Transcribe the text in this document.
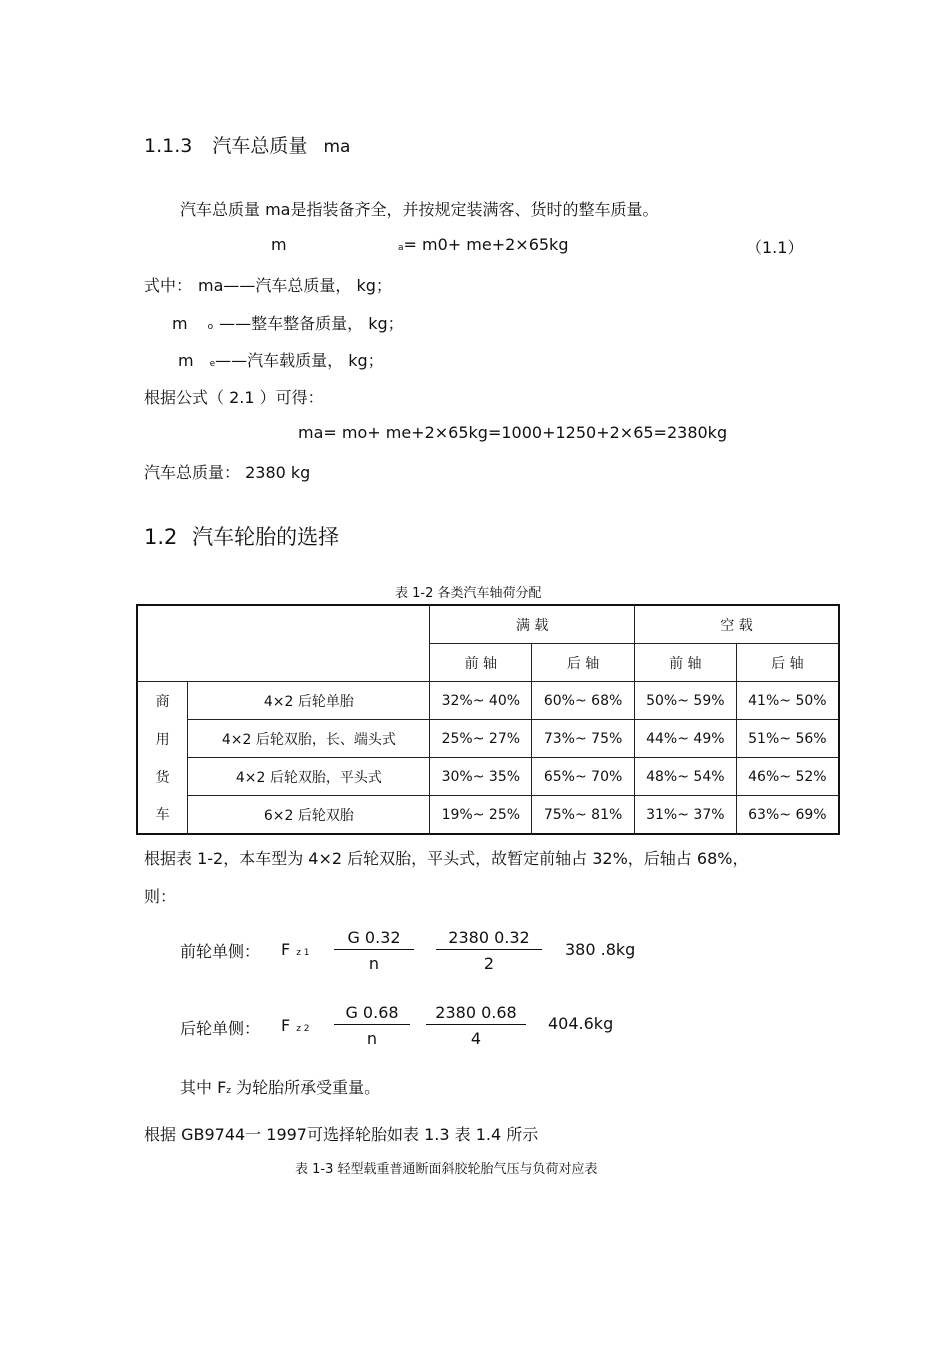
1.1.3 汽车总质量 ma
汽车总质量 ma是指装备齐全，并按规定装满客、货时的整车质量。
m	a= m0+ me+2×65kg	（1.1）
式中： ma——汽车总质量， kg；
m o ——整车整备质量， kg；
m e——汽车载质量， kg；
根据公式（ 2.1 ）可得：
ma= mo+ me+2×65kg=1000+1250+2×65=2380kg
汽车总质量： 2380 kg
1.2 汽车轮胎的选择
表 1-2 各类汽车轴荷分配
		满 载		空 载	
		前 轴	后 轴	前 轴	后 轴
商	4×2 后轮单胎	32%~ 40%	60%~ 68%	50%~ 59%	41%~ 50%
用	4×2 后轮双胎，长、端头式	25%~ 27%	73%~ 75%	44%~ 49%	51%~ 56%
货	4×2 后轮双胎，平头式	30%~ 35%	65%~ 70%	48%~ 54%	46%~ 52%
车	6×2 后轮双胎	19%~ 25%	75%~ 81%	31%~ 37%	63%~ 69%
根据表 1-2，本车型为 4×2 后轮双胎，平头式，故暂定前轴占 32%，后轴占 68%，
则：
前轮单侧： Fz 1
G 0.32
n
2380 0.32
2
380 .8kg
后轮单侧： Fz 2
G 0.68
n
2380 0.68
4
404.6kg
其中 Fz 为轮胎所承受重量。
根据 GB9744一 1997可选择轮胎如表 1.3 表 1.4 所示
表 1-3 轻型载重普通断面斜胶轮胎气压与负荷对应表
